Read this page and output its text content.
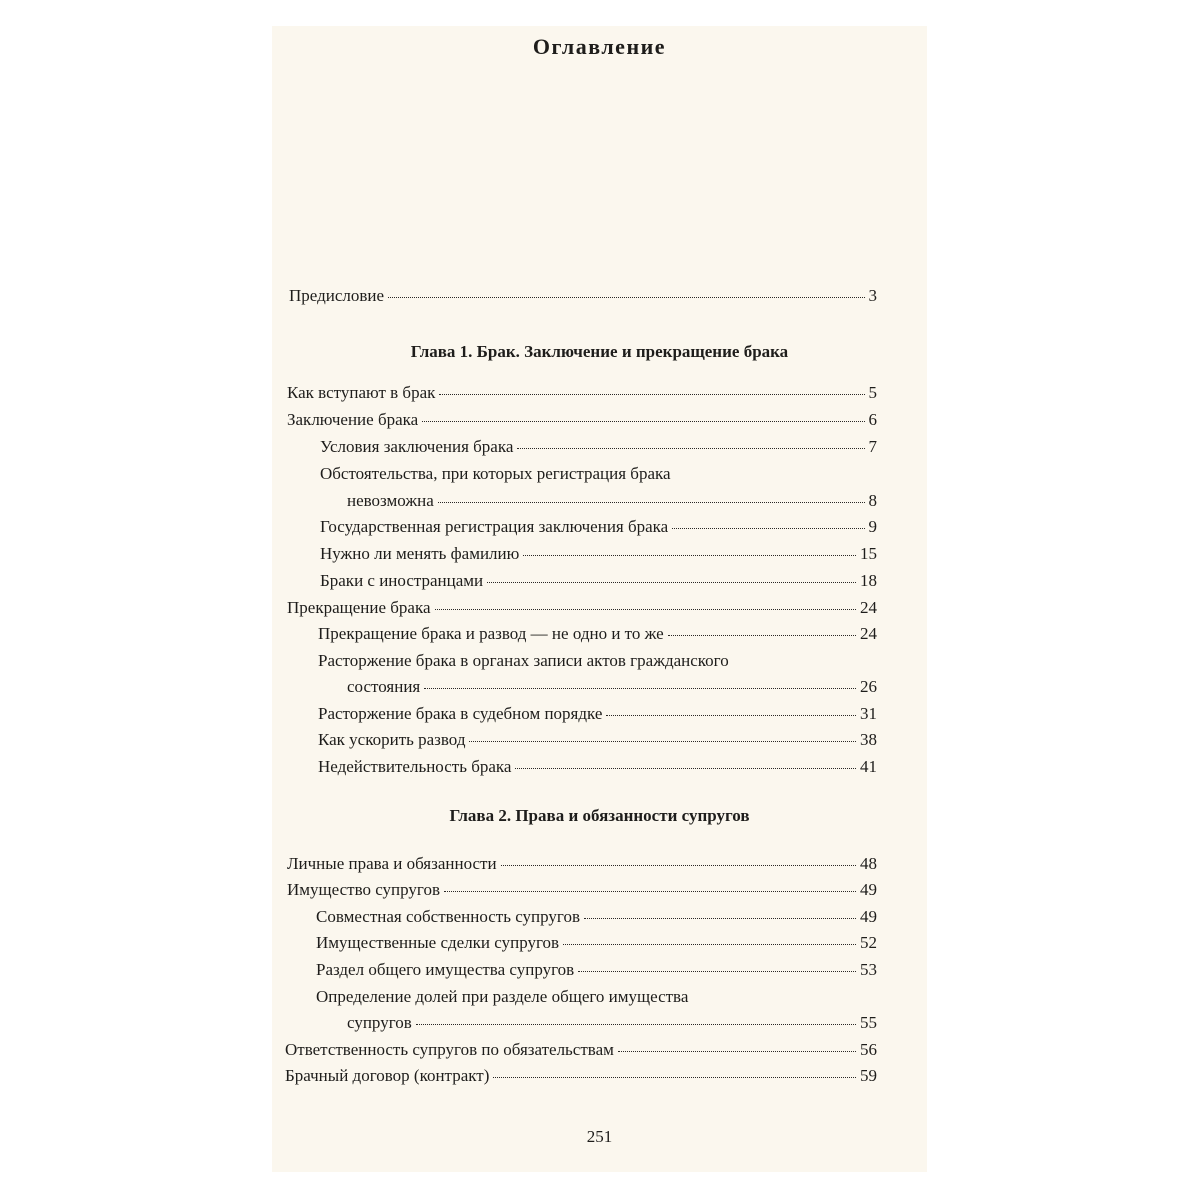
Оглавление
Предисловие	3
Глава 1. Брак. Заключение и прекращение брака
Как вступают в брак	5
Заключение брака	6
Условия заключения брака	7
Обстоятельства, при которых регистрация брака
невозможна	8
Государственная регистрация заключения брака	9
Нужно ли менять фамилию	15
Браки с иностранцами	18
Прекращение брака	24
Прекращение брака и развод — не одно и то же	24
Расторжение брака в органах записи актов гражданского
состояния	26
Расторжение брака в судебном порядке	31
Как ускорить развод	38
Недействительность брака	41
Глава 2. Права и обязанности супругов
Личные права и обязанности	48
Имущество супругов	49
Совместная собственность супругов	49
Имущественные сделки супругов	52
Раздел общего имущества супругов	53
Определение долей при разделе общего имущества
супругов	55
Ответственность супругов по обязательствам	56
Брачный договор (контракт)	59
251
